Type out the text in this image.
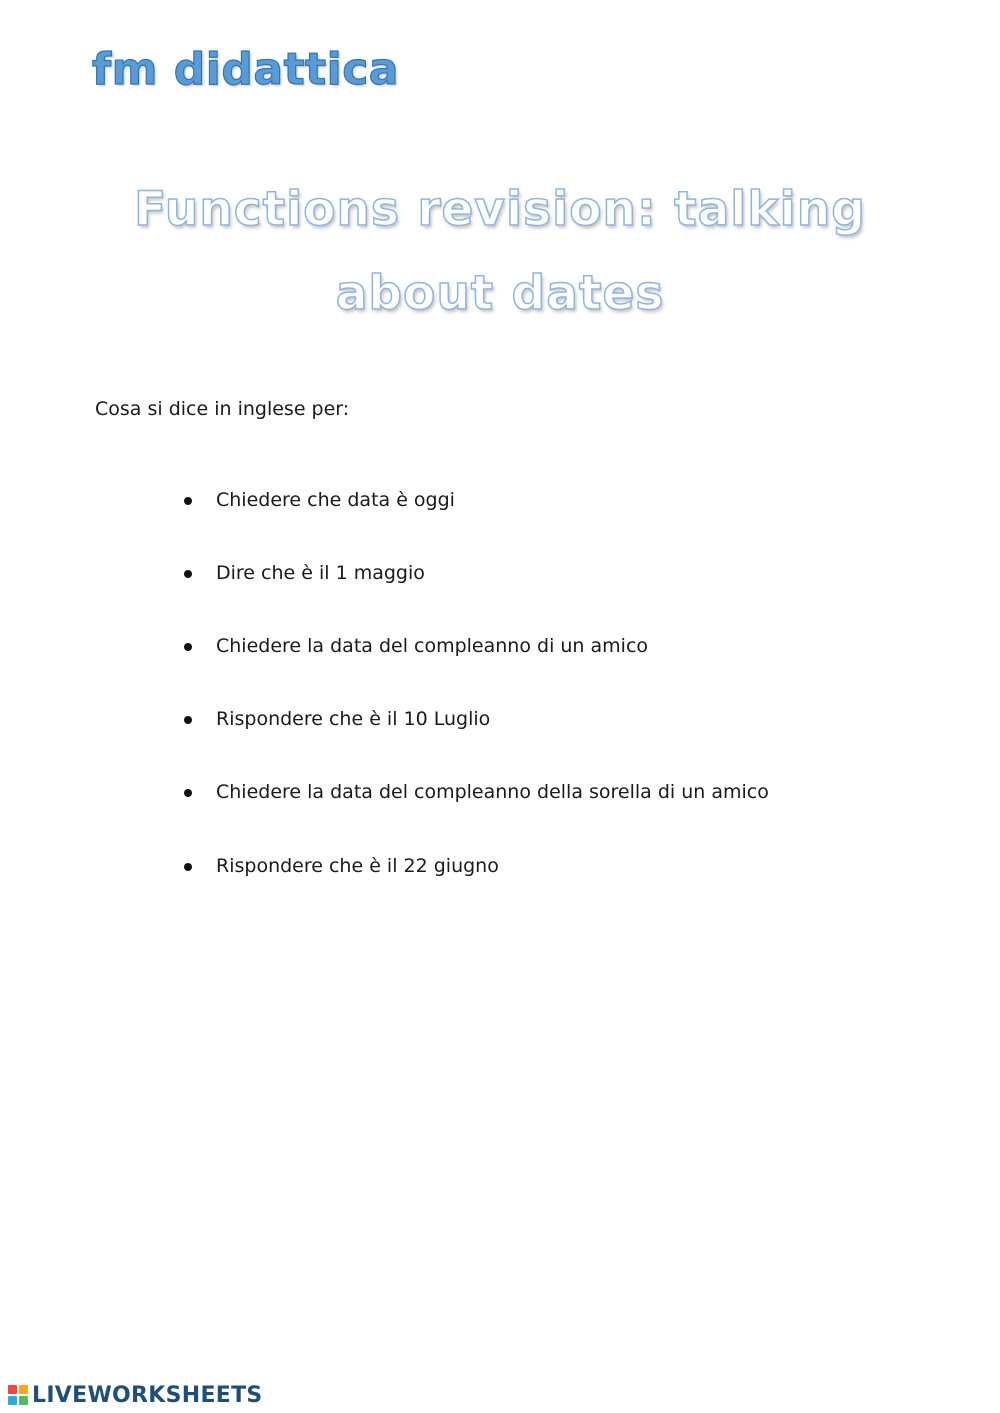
fm didattica
Functions revision: talking
about dates
Cosa si dice in inglese per:
Chiedere che data è oggi
Dire che è il 1 maggio
Chiedere la data del compleanno di un amico
Rispondere che è il 10 Luglio
Chiedere la data del compleanno della sorella di un amico
Rispondere che è il 22 giugno
LIVEWORKSHEETS
